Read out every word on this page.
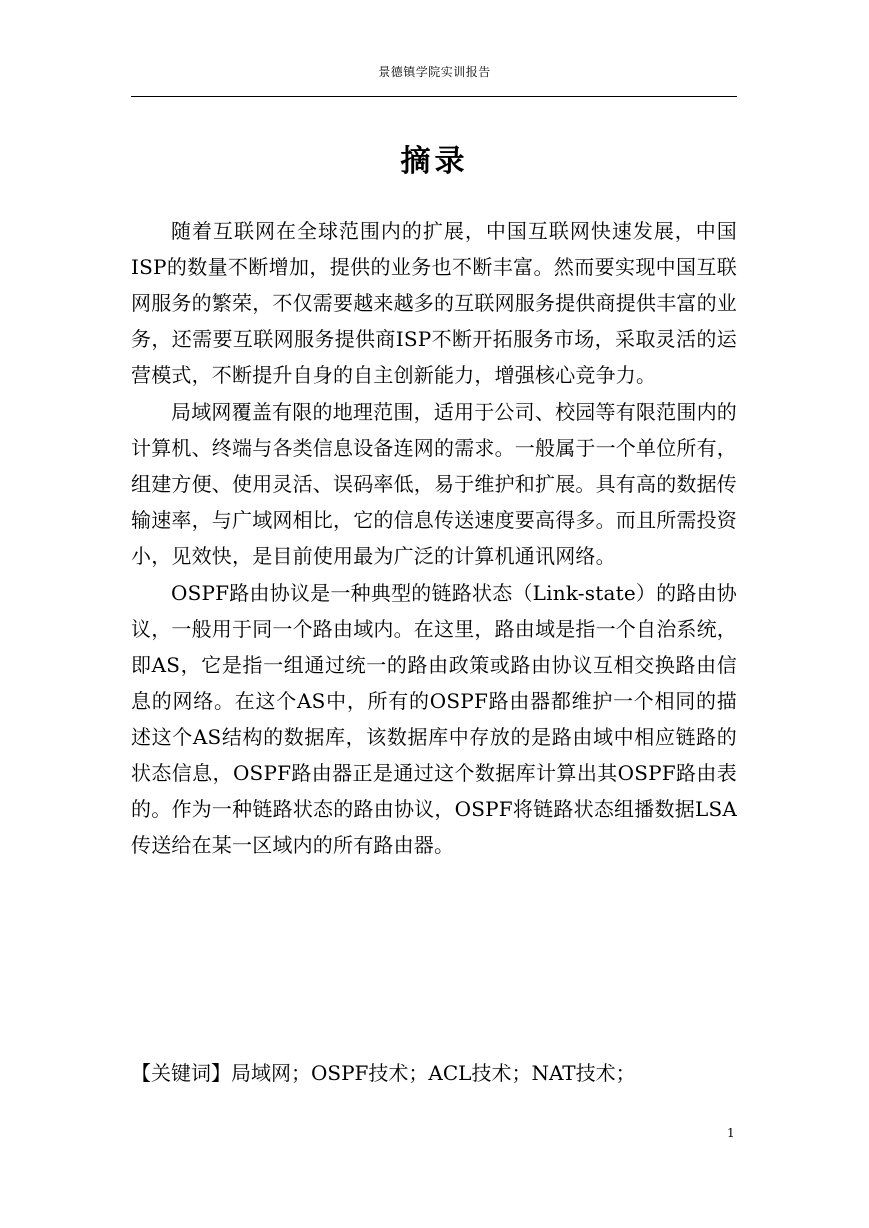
景德镇学院实训报告
摘录

随着互联网在全球范围内的扩展，中国互联网快速发展，中国ISP的数量不断增加，提供的业务也不断丰富。然而要实现中国互联网服务的繁荣，不仅需要越来越多的互联网服务提供商提供丰富的业务，还需要互联网服务提供商ISP不断开拓服务市场，采取灵活的运营模式，不断提升自身的自主创新能力，增强核心竞争力。

局域网覆盖有限的地理范围，适用于公司、校园等有限范围内的计算机、终端与各类信息设备连网的需求。一般属于一个单位所有，组建方便、使用灵活、误码率低，易于维护和扩展。具有高的数据传输速率，与广域网相比，它的信息传送速度要高得多。而且所需投资小，见效快，是目前使用最为广泛的计算机通讯网络。

OSPF路由协议是一种典型的链路状态（Link-state）的路由协议，一般用于同一个路由域内。在这里，路由域是指一个自治系统，即AS，它是指一组通过统一的路由政策或路由协议互相交换路由信息的网络。在这个AS中，所有的OSPF路由器都维护一个相同的描述这个AS结构的数据库，该数据库中存放的是路由域中相应链路的状态信息，OSPF路由器正是通过这个数据库计算出其OSPF路由表的。作为一种链路状态的路由协议，OSPF将链路状态组播数据LSA传送给在某一区域内的所有路由器。

【关键词】局域网；OSPF技术；ACL技术；NAT技术；
1
